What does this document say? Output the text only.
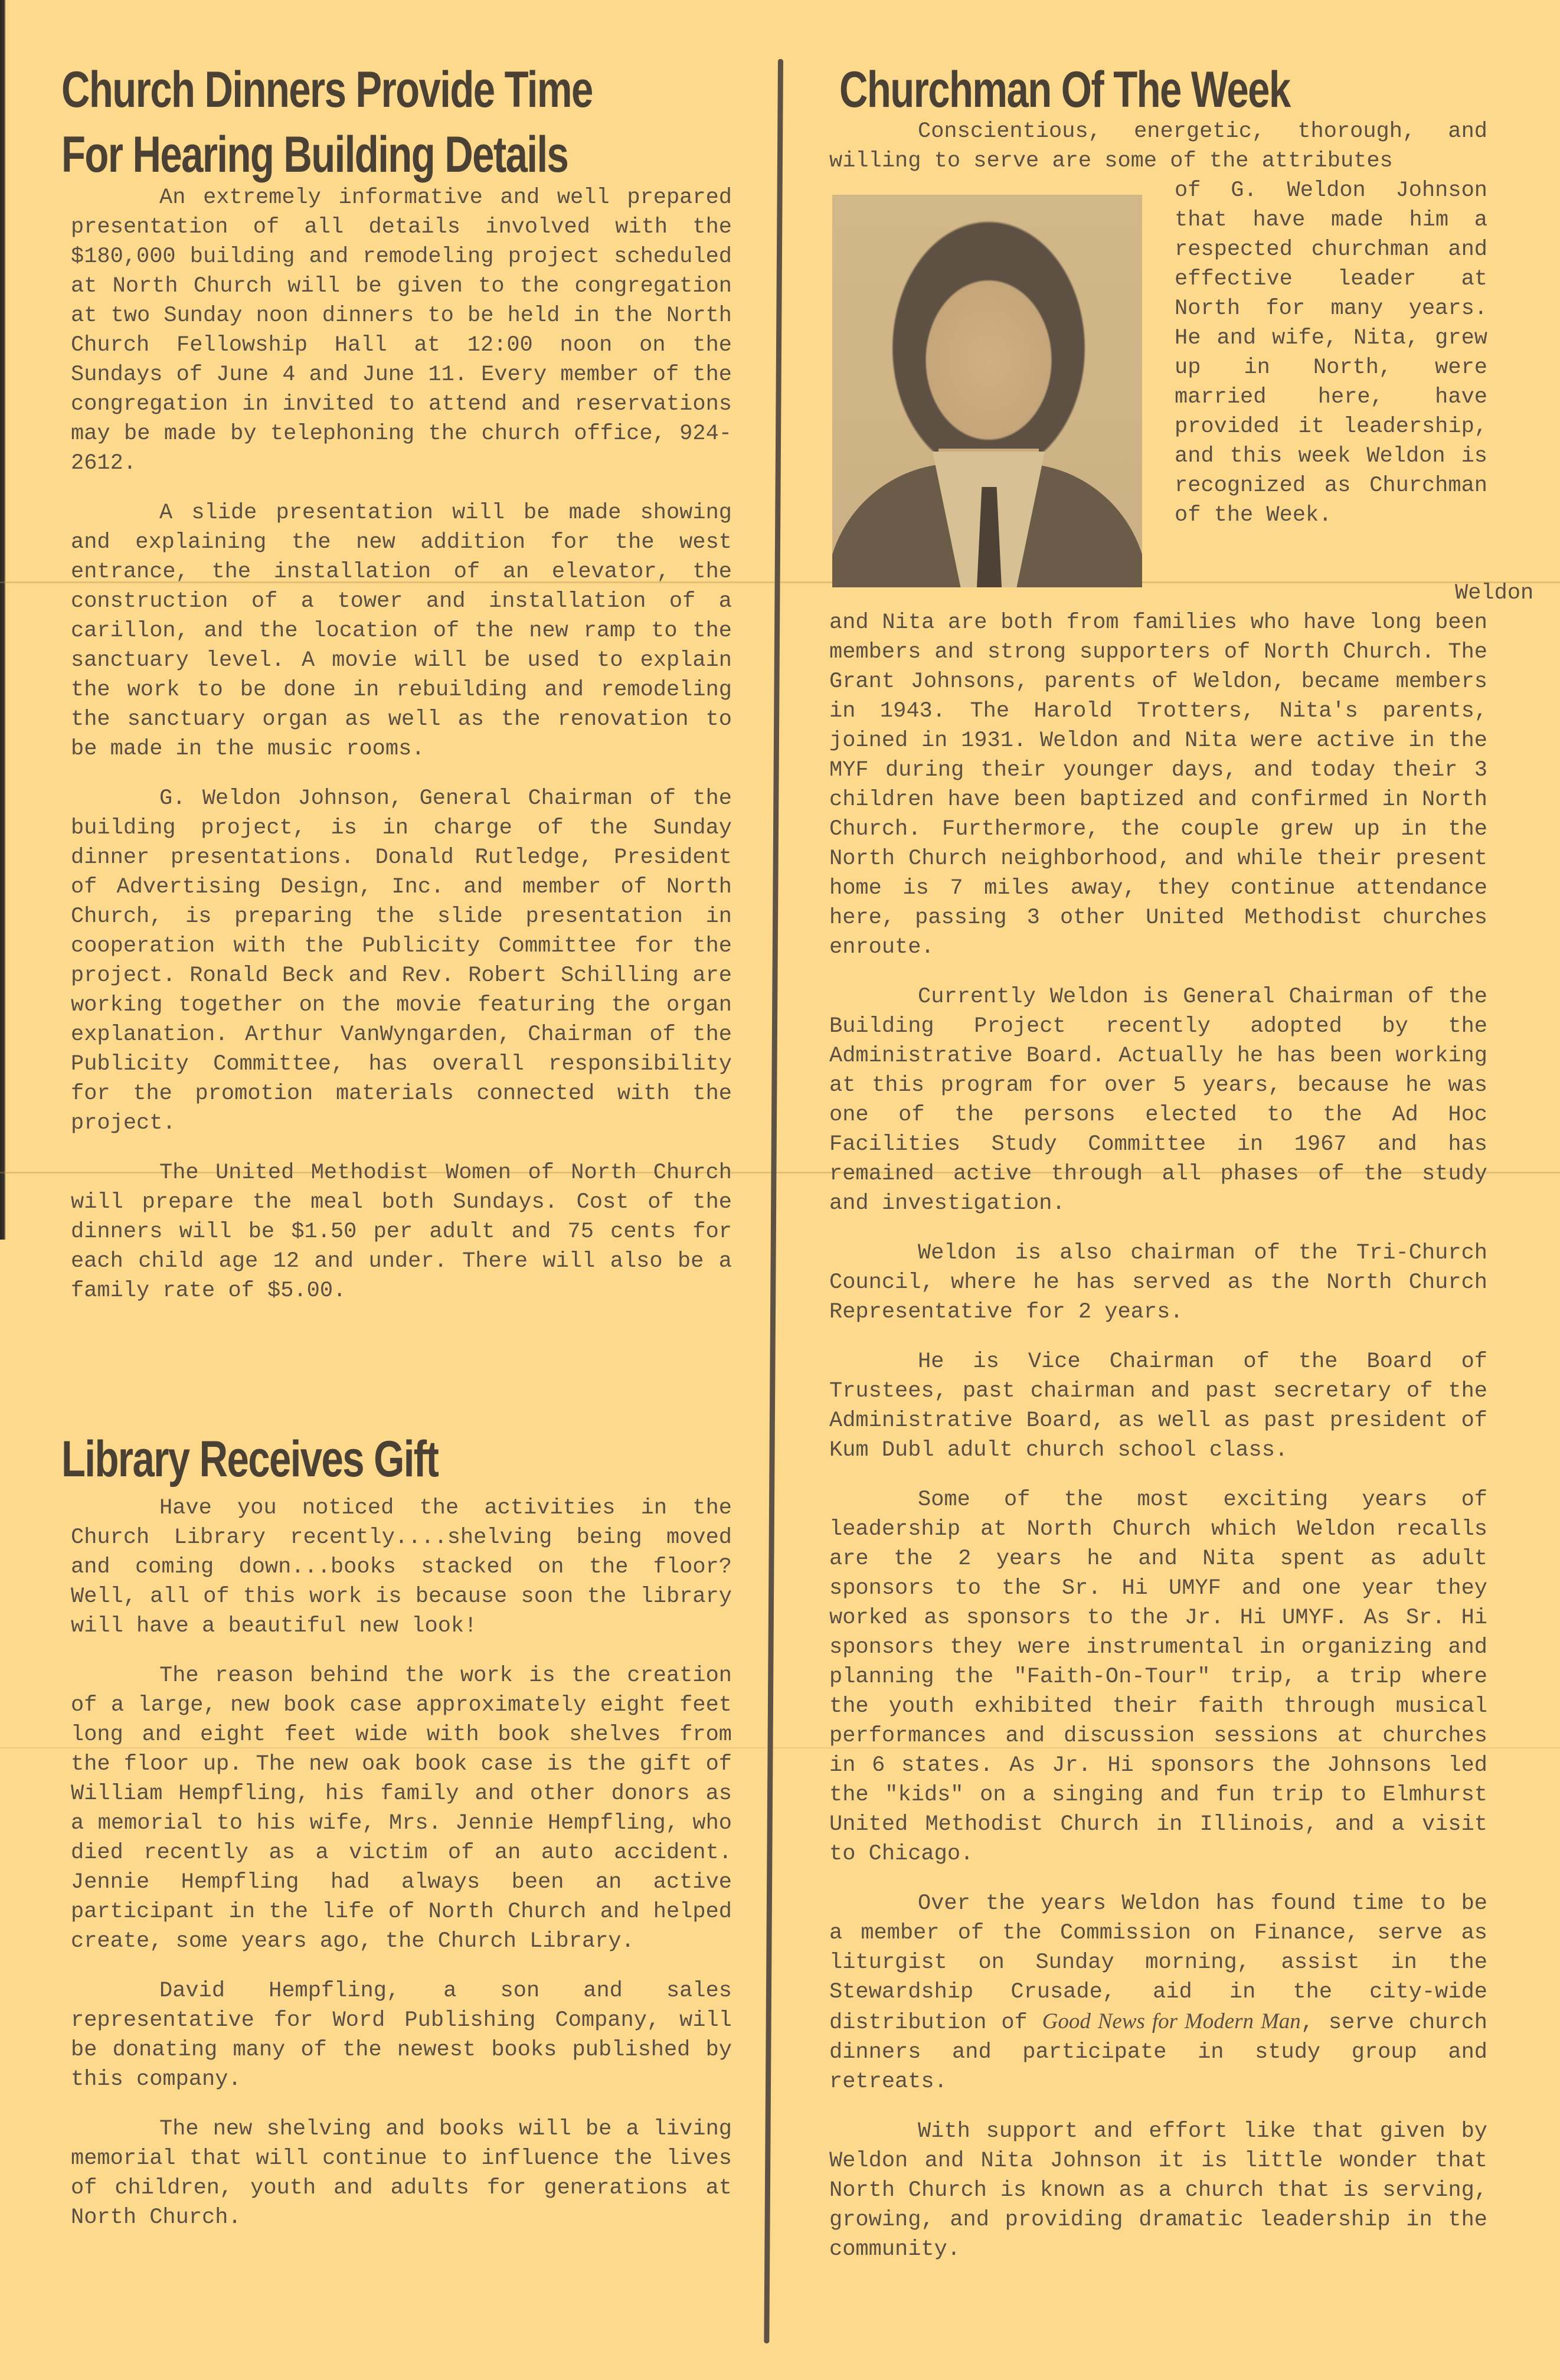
Church Dinners Provide Time
For Hearing Building Details

An extremely informative and well prepared presentation of all details involved with the $180,000 building and remodeling project scheduled at North Church will be given to the congregation at two Sunday noon dinners to be held in the North Church Fellowship Hall at 12:00 noon on the Sundays of June 4 and June 11. Every member of the congregation in invited to attend and reservations may be made by telephoning the church office, 924-2612.

A slide presentation will be made showing and explaining the new addition for the west entrance, the installation of an elevator, the construction of a tower and installation of a carillon, and the location of the new ramp to the sanctuary level. A movie will be used to explain the work to be done in rebuilding and remodeling the sanctuary organ as well as the renovation to be made in the music rooms.

G. Weldon Johnson, General Chairman of the building project, is in charge of the Sunday dinner presentations. Donald Rutledge, President of Advertising Design, Inc. and member of North Church, is preparing the slide presentation in cooperation with the Publicity Committee for the project. Ronald Beck and Rev. Robert Schilling are working together on the movie featuring the organ explanation. Arthur VanWyngarden, Chairman of the Publicity Committee, has overall responsibility for the promotion materials connected with the project.

The United Methodist Women of North Church will prepare the meal both Sundays. Cost of the dinners will be $1.50 per adult and 75 cents for each child age 12 and under. There will also be a family rate of $5.00.

Library Receives Gift

Have you noticed the activities in the Church Library recently....shelving being moved and coming down...books stacked on the floor? Well, all of this work is because soon the library will have a beautiful new look!

The reason behind the work is the creation of a large, new book case approximately eight feet long and eight feet wide with book shelves from the floor up. The new oak book case is the gift of William Hempfling, his family and other donors as a memorial to his wife, Mrs. Jennie Hempfling, who died recently as a victim of an auto accident. Jennie Hempfling had always been an active participant in the life of North Church and helped create, some years ago, the Church Library.

David Hempfling, a son and sales representative for Word Publishing Company, will be donating many of the newest books published by this company.

The new shelving and books will be a living memorial that will continue to influence the lives of children, youth and adults for generations at North Church.

Churchman Of The Week

Conscientious, energetic, thorough, and willing to serve are some of the attributes

of G. Weldon Johnson that have made him a respected churchman and effective leader at North for many years. He and wife, Nita, grew up in North, were married here, have provided it leadership, and this week Weldon is recognized as Churchman of the Week.

Weldon and Nita are both from families who have long been members and strong supporters of North Church. The Grant Johnsons, parents of Weldon, became members in 1943. The Harold Trotters, Nita's parents, joined in 1931. Weldon and Nita were active in the MYF during their younger days, and today their 3 children have been baptized and confirmed in North Church. Furthermore, the couple grew up in the North Church neighborhood, and while their present home is 7 miles away, they continue attendance here, passing 3 other United Methodist churches enroute.

Currently Weldon is General Chairman of the Building Project recently adopted by the Administrative Board. Actually he has been working at this program for over 5 years, because he was one of the persons elected to the Ad Hoc Facilities Study Committee in 1967 and has remained active through all phases of the study and investigation.

Weldon is also chairman of the Tri-Church Council, where he has served as the North Church Representative for 2 years.

He is Vice Chairman of the Board of Trustees, past chairman and past secretary of the Administrative Board, as well as past president of Kum Dubl adult church school class.

Some of the most exciting years of leadership at North Church which Weldon recalls are the 2 years he and Nita spent as adult sponsors to the Sr. Hi UMYF and one year they worked as sponsors to the Jr. Hi UMYF. As Sr. Hi sponsors they were instrumental in organizing and planning the "Faith-On-Tour" trip, a trip where the youth exhibited their faith through musical performances and discussion sessions at churches in 6 states. As Jr. Hi sponsors the Johnsons led the "kids" on a singing and fun trip to Elmhurst United Methodist Church in Illinois, and a visit to Chicago.

Over the years Weldon has found time to be a member of the Commission on Finance, serve as liturgist on Sunday morning, assist in the Stewardship Crusade, aid in the city-wide distribution of Good News for Modern Man, serve church dinners and participate in study group and retreats.

With support and effort like that given by Weldon and Nita Johnson it is little wonder that North Church is known as a church that is serving, growing, and providing dramatic leadership in the community.
